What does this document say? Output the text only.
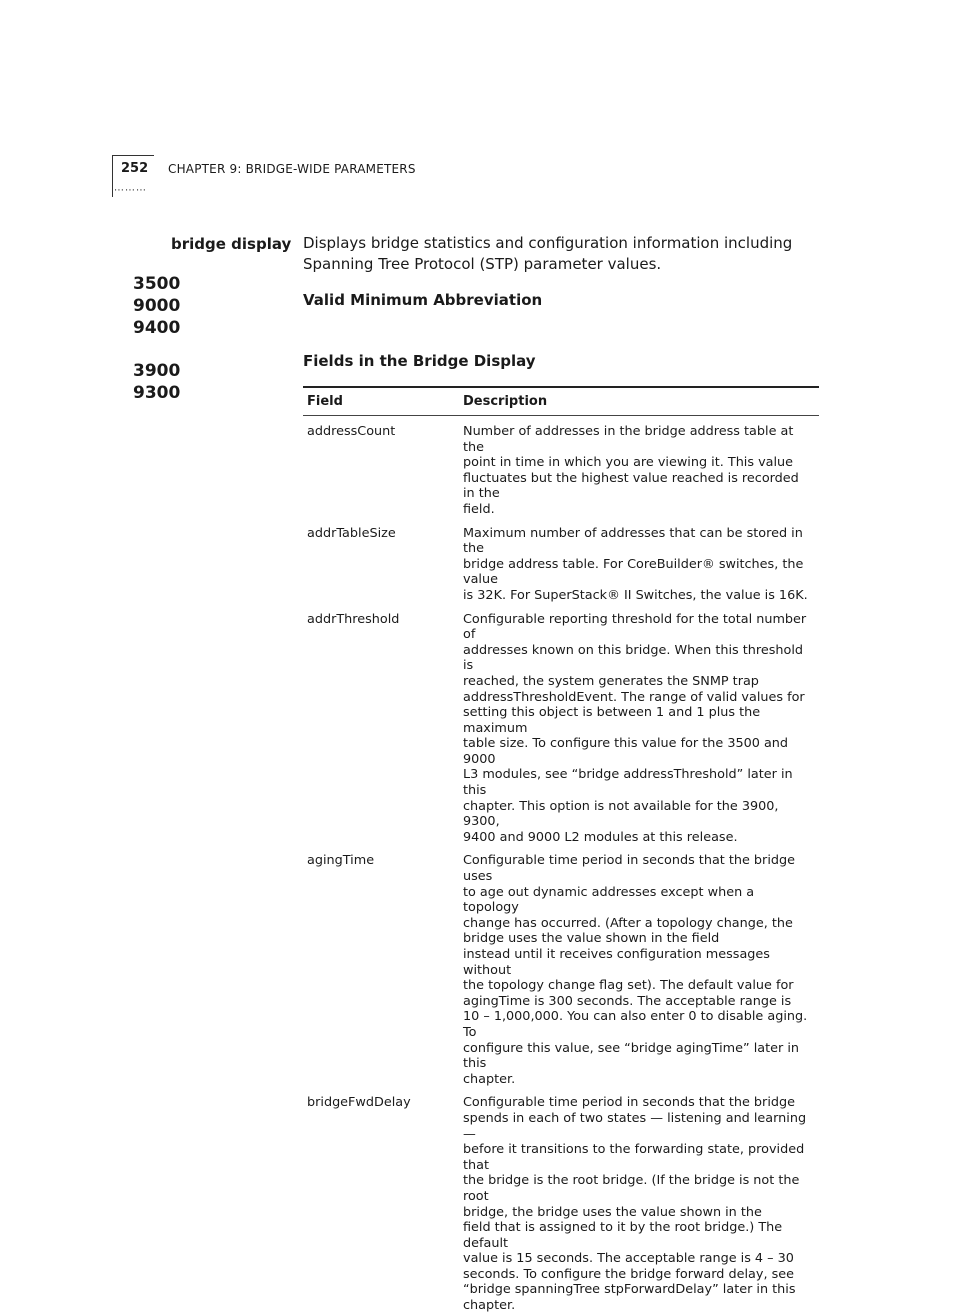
252 CHAPTER 9: BRIDGE-WIDE PARAMETERS
⋯⋯⋯
bridge display
3500
9000
9400
3900
9300
Displays bridge statistics and configuration information including Spanning Tree Protocol (STP) parameter values.
Valid Minimum Abbreviation
Fields in the Bridge Display
Field	Description
addressCount	Number of addresses in the bridge address table at the
point in time in which you are viewing it. This value
fluctuates but the highest value reached is recorded in the
field.
addrTableSize	Maximum number of addresses that can be stored in the
bridge address table. For CoreBuilder® switches, the value
is 32K. For SuperStack® II Switches, the value is 16K.
addrThreshold	Configurable reporting threshold for the total number of
addresses known on this bridge. When this threshold is
reached, the system generates the SNMP trap
addressThresholdEvent. The range of valid values for
setting this object is between 1 and 1 plus the maximum
table size. To configure this value for the 3500 and 9000
L3 modules, see “bridge addressThreshold” later in this
chapter. This option is not available for the 3900, 9300,
9400 and 9000 L2 modules at this release.
agingTime	Configurable time period in seconds that the bridge uses
to age out dynamic addresses except when a topology
change has occurred. (After a topology change, the
bridge uses the value shown in the field
instead until it receives configuration messages without
the topology change flag set). The default value for
agingTime is 300 seconds. The acceptable range is
10 – 1,000,000. You can also enter 0 to disable aging. To
configure this value, see “bridge agingTime” later in this
chapter.
bridgeFwdDelay	Configurable time period in seconds that the bridge
spends in each of two states — listening and learning —
before it transitions to the forwarding state, provided that
the bridge is the root bridge. (If the bridge is not the root
bridge, the bridge uses the value shown in the
field that is assigned to it by the root bridge.) The default
value is 15 seconds. The acceptable range is 4 – 30
seconds. To configure the bridge forward delay, see
“bridge spanningTree stpForwardDelay” later in this
chapter.
